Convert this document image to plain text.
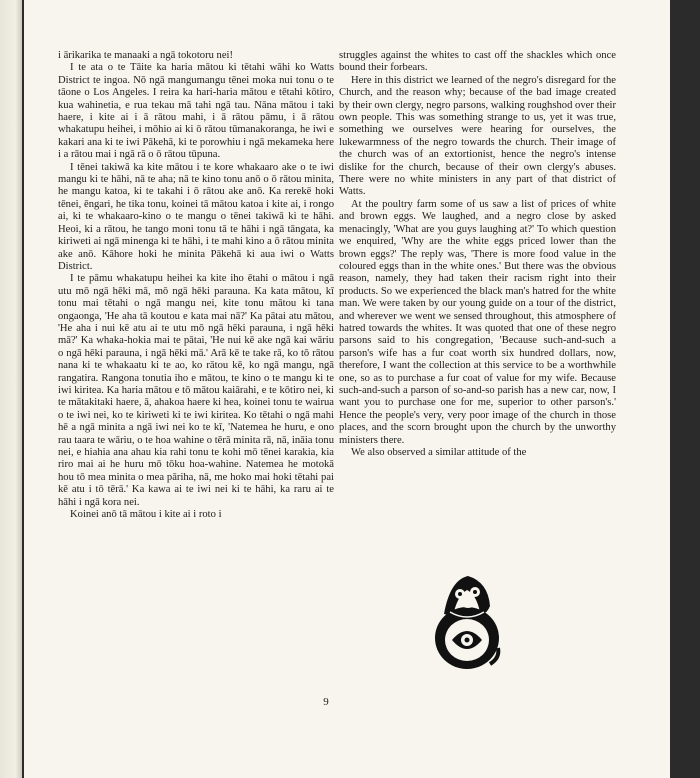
i ārikarika te manaaki a ngā tokotoru nei!

I te ata o te Tāite ka haria mātou ki tētahi wāhi ko Watts District te ingoa. Nō ngā mangumangu tēnei moka nui tonu o te tāone o Los Angeles. I reira ka hari-haria mātou e tētahi kōtiro, kua wahinetia, e rua tekau mā tahi ngā tau. Nāna mātou i taki haere, i kite ai i ā rātou mahi, i ā rātou pāmu, i ā rātou whakatupu heihei, i mōhio ai ki ō rātou tūmanakoranga, he iwi e kakari ana ki te iwi Pākehā, ki te porowhiu i ngā mekameka here i a rātou mai i ngā rā o ō rātou tūpuna.

I tēnei takiwā ka kite mātou i te kore whakaaro ake o te iwi mangu ki te hāhi, nā te aha; nā te kino tonu anō o ō rātou minita, he mangu katoa, ki te takahi i ō rātou ake anō. Ka rerekē hoki tēnei, ēngari, he tika tonu, koinei tā mātou katoa i kite ai, i rongo ai, ki te whakaaro-kino o te mangu o tēnei takiwā ki te hāhi. Heoi, ki a rātou, he tango moni tonu tā te hāhi i ngā tāngata, ka kiriweti ai ngā minenga ki te hāhi, i te mahi kino a ō rātou minita ake anō. Kāhore hoki he minita Pākehā ki aua iwi o Watts District.

I te pāmu whakatupu heihei ka kite iho ētahi o mātou i ngā utu mō ngā hēki mā, mō ngā hēki parauna. Ka kata mātou, kī tonu mai tētahi o ngā mangu nei, kite tonu mātou ki tana ongaonga, 'He aha tā koutou e kata mai nā?' Ka pātai atu mātou, 'He aha i nui kē atu ai te utu mō ngā hēki parauna, i ngā hēki mā?' Ka whaka-hokia mai te pātai, 'He nui kē ake ngā kai wāriu o ngā hēki parauna, i ngā hēki mā.' Arā kē te take rā, ko tō rātou nana ki te whakaatu ki te ao, ko rātou kē, ko ngā mangu, ngā rangatira. Rangona tonutia iho e mātou, te kino o te mangu ki te iwi kiritea. Ka haria mātou e tō mātou kaiārahi, e te kōtiro nei, ki te mātakitaki haere, ā, ahakoa haere ki hea, koinei tonu te wairua o te iwi nei, ko te kiriweti ki te iwi kiritea. Ko tētahi o ngā mahi hē a ngā minita a ngā iwi nei ko te kī, 'Natemea he huru, e ono rau taara te wāriu, o te hoa wahine o tērā minita rā, nā, ināia tonu nei, e hiahia ana ahau kia rahi tonu te kohi mō tēnei karakia, kia riro mai ai he huru mō tōku hoa-wahine. Natemea he motokā hou tō mea minita o mea pāriha, nā, me hoko mai hoki tētahi pai kē atu i tō tērā.' Ka kawa ai te iwi nei ki te hāhi, ka raru ai te hāhi i ngā kora nei.

Koinei anō tā mātou i kite ai i roto i

struggles against the whites to cast off the shackles which once bound their forbears.

Here in this district we learned of the negro's disregard for the Church, and the reason why; because of the bad image created by their own clergy, negro parsons, walking roughshod over their own people. This was something strange to us, yet it was true, something we ourselves were hearing for ourselves, the lukewarmness of the negro towards the church. Their image of the church was of an extortionist, hence the negro's intense dislike for the church, because of their own clergy's abuses. There were no white ministers in any part of that district of Watts.

At the poultry farm some of us saw a list of prices of white and brown eggs. We laughed, and a negro close by asked menacingly, 'What are you guys laughing at?' To which question we enquired, 'Why are the white eggs priced lower than the brown eggs?' The reply was, 'There is more food value in the coloured eggs than in the white ones.' But there was the obvious reason, namely, they had taken their racism right into their products. So we experienced the black man's hatred for the white man. We were taken by our young guide on a tour of the district, and wherever we went we sensed throughout, this atmosphere of hatred towards the whites. It was quoted that one of these negro parsons said to his congregation, 'Because such-and-such a parson's wife has a fur coat worth six hundred dollars, now, therefore, I want the collection at this service to be a worthwhile one, so as to purchase a fur coat of value for my wife. Because such-and-such a parson of so-and-so parish has a new car, now, I want you to purchase one for me, superior to other parson's.' Hence the people's very, very poor image of the church in those places, and the scorn brought upon the church by the unworthy ministers there.

We also observed a similar attitude of the

9
